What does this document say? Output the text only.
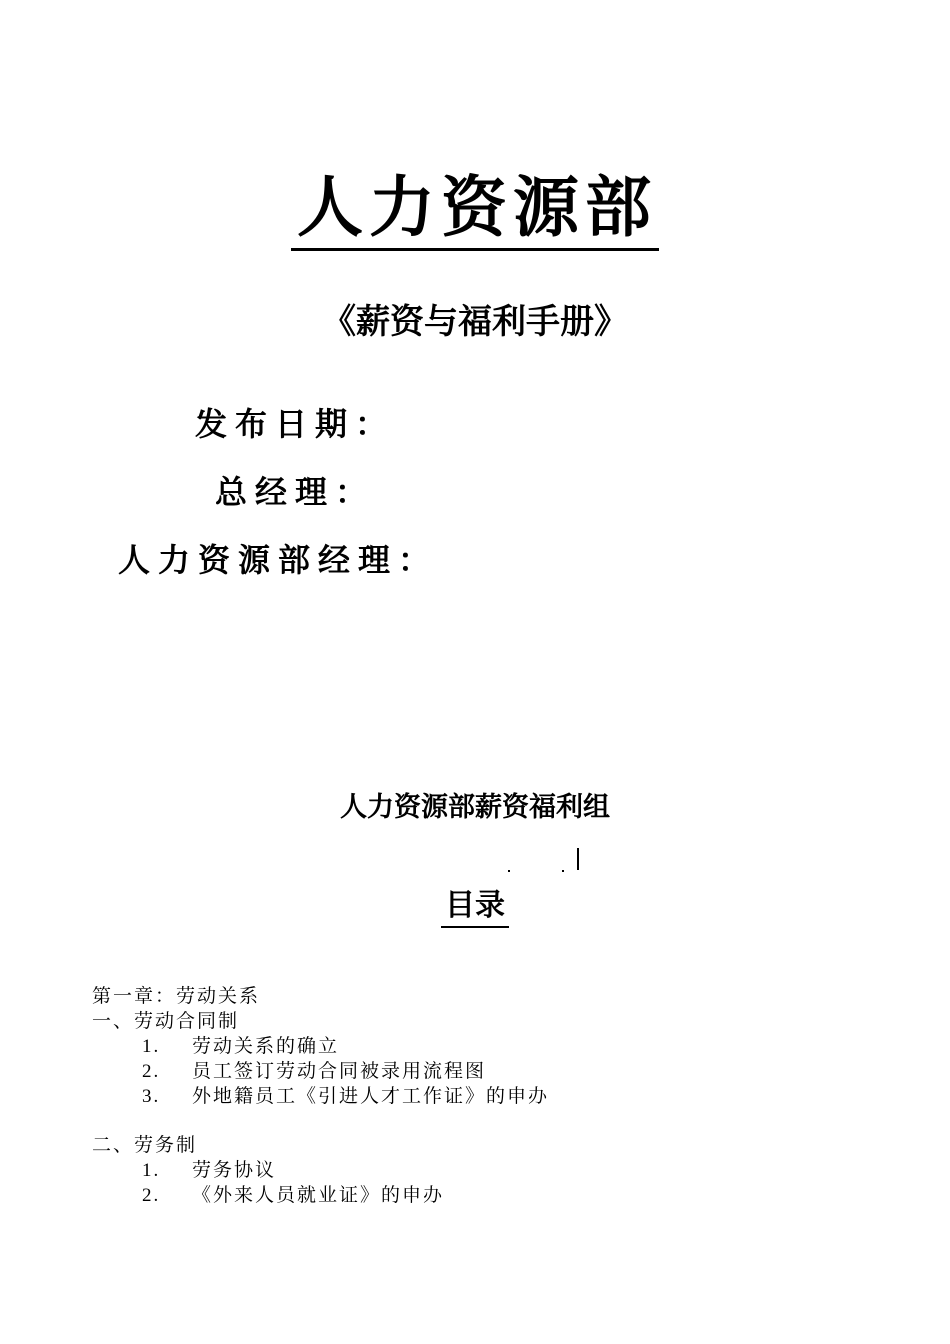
人力资源部
《薪资与福利手册》
发布日期：
总经理：
人力资源部经理：
人力资源部薪资福利组
目录
第一章：劳动关系
一、劳动合同制
1.	劳动关系的确立
2.	员工签订劳动合同被录用流程图
3.	外地籍员工《引进人才工作证》的申办
二、劳务制
1.	劳务协议
2.	《外来人员就业证》的申办
